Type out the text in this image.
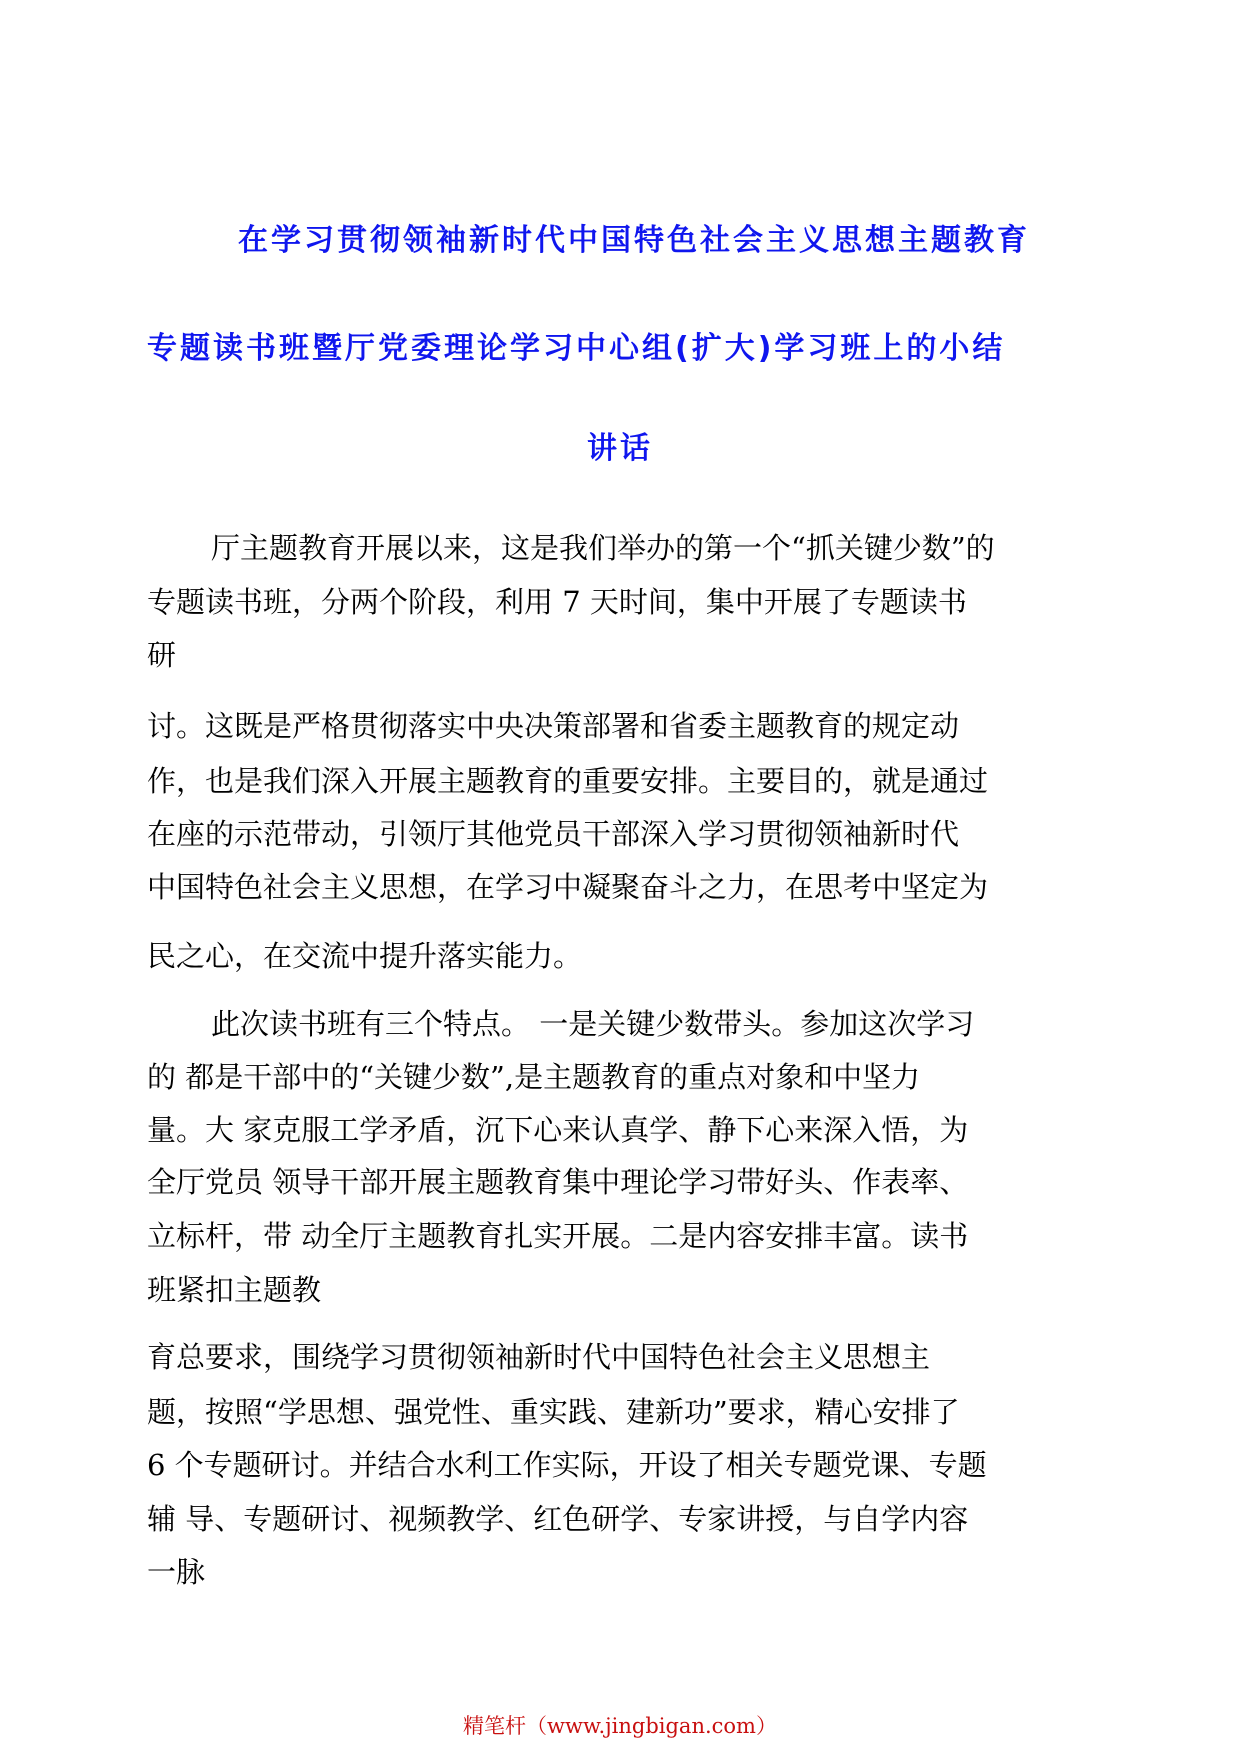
在学习贯彻领袖新时代中国特色社会主义思想主题教育
专题读书班暨厅党委理论学习中心组(扩大)学习班上的小结
讲话
厅主题教育开展以来，这是我们举办的第一个“抓关键少数”的
专题读书班，分两个阶段，利用 7 天时间，集中开展了专题读书
研
讨。这既是严格贯彻落实中央决策部署和省委主题教育的规定动
作，也是我们深入开展主题教育的重要安排。主要目的，就是通过
在座的示范带动，引领厅其他党员干部深入学习贯彻领袖新时代
中国特色社会主义思想，在学习中凝聚奋斗之力，在思考中坚定为
民之心，在交流中提升落实能力。
此次读书班有三个特点。 一是关键少数带头。参加这次学习
的 都是干部中的“关键少数”,是主题教育的重点对象和中坚力
量。大 家克服工学矛盾，沉下心来认真学、静下心来深入悟，为
全厅党员 领导干部开展主题教育集中理论学习带好头、作表率、
立标杆，带 动全厅主题教育扎实开展。二是内容安排丰富。读书
班紧扣主题教
育总要求，围绕学习贯彻领袖新时代中国特色社会主义思想主
题，按照“学思想、强党性、重实践、建新功”要求，精心安排了
6 个专题研讨。并结合水利工作实际，开设了相关专题党课、专题
辅 导、专题研讨、视频教学、红色研学、专家讲授，与自学内容
一脉
精笔杆（www.jingbigan.com）
